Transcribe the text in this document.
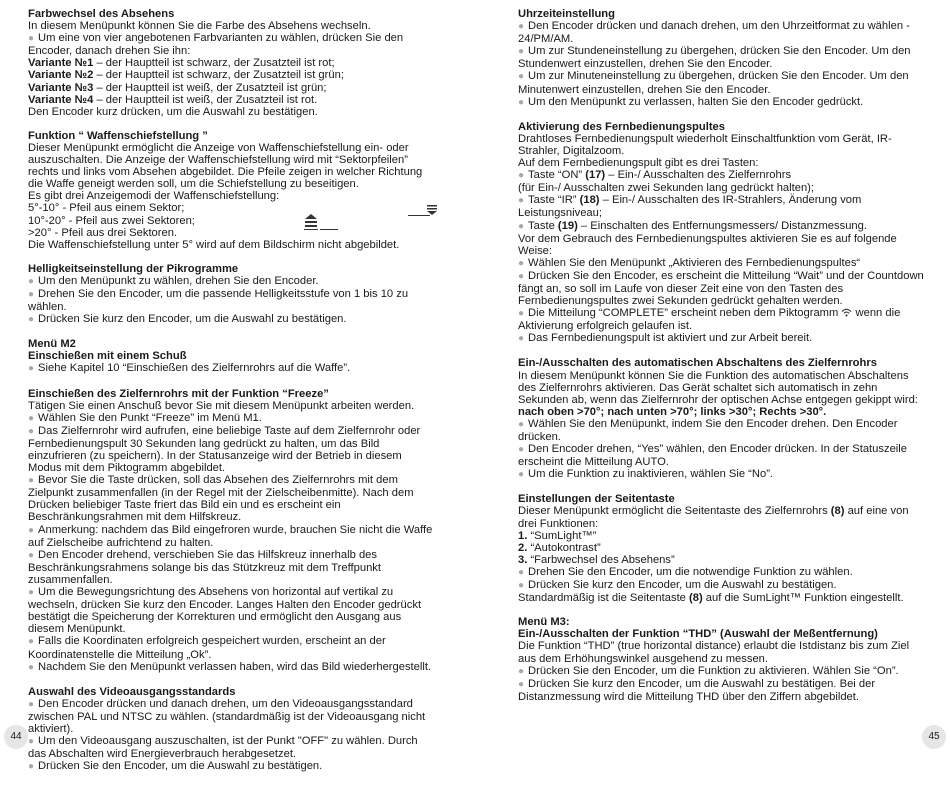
Farbwechsel des Absehens
In diesem Menüpunkt können Sie die Farbe des Absehens wechseln.
● Um eine von vier angebotenen Farbvarianten zu wählen, drücken Sie den Encoder, danach drehen Sie ihn:
Variante №1 – der Hauptteil ist schwarz, der Zusatzteil ist rot;
Variante №2 – der Hauptteil ist schwarz, der Zusatzteil ist grün;
Variante №3 – der Hauptteil ist weiß, der Zusatzteil ist grün;
Variante №4 – der Hauptteil ist weiß, der Zusatzteil ist rot.
Den Encoder kurz drücken, um die Auswahl zu bestätigen.
Funktion “ Waffenschiefstellung ”
Dieser Menüpunkt ermöglicht die Anzeige von Waffenschiefstellung ein- oder auszuschalten. Die Anzeige der Waffenschiefstellung wird mit “Sektorpfeilen” rechts und links vom Absehen abgebildet. Die Pfeile zeigen in welcher Richtung die Waffe geneigt werden soll, um die Schiefstellung zu beseitigen.
Es gibt drei Anzeigemodi der Waffenschiefstellung:
5°-10° - Pfeil aus einem Sektor;
10°-20° - Pfeil aus zwei Sektoren;
>20° - Pfeil aus drei Sektoren.
Die Waffenschiefstellung unter 5° wird auf dem Bildschirm nicht abgebildet.
Helligkeitseinstellung der Pikrogramme
● Um den Menüpunkt zu wählen, drehen Sie den Encoder.
● Drehen Sie den Encoder, um die passende Helligkeitsstufe von 1 bis 10 zu wählen.
● Drücken Sie kurz den Encoder, um die Auswahl zu bestätigen.
Menü M2
Einschießen mit einem Schuß
● Siehe Kapitel 10 “Einschießen des Zielfernrohrs auf die Waffe”.
Einschießen des Zielfernrohrs mit der Funktion “Freeze”
Tätigen Sie einen Anschuß bevor Sie mit diesem Menüpunkt arbeiten werden.
● Wählen Sie den Punkt “Freeze” im Menü M1.
● Das Zielfernrohr wird aufrufen, eine beliebige Taste auf dem Zielfernrohr oder Fernbedienungspult 30 Sekunden lang gedrückt zu halten, um das Bild einzufrieren (zu speichern). In der Statusanzeige wird der Betrieb in diesem Modus mit dem Piktogramm abgebildet.
● Bevor Sie die Taste drücken, soll das Absehen des Zielfernrohrs mit dem Zielpunkt zusammenfallen (in der Regel mit der Zielscheibenmitte). Nach dem Drücken beliebiger Taste friert das Bild ein und es erscheint ein Beschränkungsrahmen mit dem Hilfskreuz.
● Anmerkung: nachdem das Bild eingefroren wurde, brauchen Sie nicht die Waffe auf Zielscheibe aufrichtend zu halten.
● Den Encoder drehend, verschieben Sie das Hilfskreuz innerhalb des Beschränkungsrahmens solange bis das Stützkreuz mit dem Treffpunkt zusammenfallen.
● Um die Bewegungsrichtung des Absehens von horizontal auf vertikal zu wechseln, drücken Sie kurz den Encoder. Langes Halten den Encoder gedrückt bestätigt die Speicherung der Korrekturen und ermöglicht den Ausgang aus diesem Menüpunkt.
● Falls die Koordinaten erfolgreich gespeichert wurden, erscheint an der Koordinatenstelle die Mitteilung „Ok”.
● Nachdem Sie den Menüpunkt verlassen haben, wird das Bild wiederhergestellt.
Auswahl des Videoausgangsstandards
● Den Encoder drücken und danach drehen, um den Videoausgangsstandard zwischen PAL und NTSC zu wählen. (standardmäßig ist der Videoausgang nicht aktiviert).
● Um den Videoausgang auszuschalten, ist der Punkt "OFF" zu wählen. Durch das Abschalten wird Energieverbrauch herabgesetzet.
● Drücken Sie den Encoder, um die Auswahl zu bestätigen.
Uhrzeiteinstellung
● Den Encoder drücken und danach drehen, um den Uhrzeitformat zu wählen - 24/PM/AM.
● Um zur Stundeneinstellung zu übergehen, drücken Sie den Encoder. Um den Stundenwert einzustellen, drehen Sie den Encoder.
● Um zur Minuteneinstellung zu übergehen, drücken Sie den Encoder. Um den Minutenwert einzustellen, drehen Sie den Encoder.
● Um den Menüpunkt zu verlassen, halten Sie den Encoder gedrückt.
Aktivierung des Fernbedienungspultes
Drahtloses Fernbedienungspult wiederholt Einschaltfunktion vom Gerät, IR-Strahler, Digitalzoom.
Auf dem Fernbedienungspult gibt es drei Tasten:
● Taste “ON” (17) – Ein-/ Ausschalten des Zielfernrohrs
(für Ein-/ Ausschalten zwei Sekunden lang gedrückt halten);
● Taste “IR” (18) – Ein-/ Ausschalten des IR-Strahlers, Änderung vom Leistungsniveau;
● Taste (19) – Einschalten des Entfernungsmessers/ Distanzmessung.
Vor dem Gebrauch des Fernbedienungspultes aktivieren Sie es auf folgende Weise:
● Wählen Sie den Menüpunkt „Aktivieren des Fernbedienungspultes“
● Drücken Sie den Encoder, es erscheint die Mitteilung “Wait” und der Countdown fängt an, so soll im Laufe von dieser Zeit eine von den Tasten des Fernbedienungspultes zwei Sekunden gedrückt gehalten werden.
● Die Mitteilung “COMPLETE” erscheint neben dem Piktogramm  wenn die Aktivierung erfolgreich gelaufen ist.
● Das Fernbedienungspult ist aktiviert und zur Arbeit bereit.
Ein-/Ausschalten des automatischen Abschaltens des Zielfernrohrs
In diesem Menüpunkt können Sie die Funktion des automatischen Abschaltens des Zielfernrohrs aktivieren. Das Gerät schaltet sich automatisch in zehn Sekunden ab, wenn das Zielfernrohr der optischen Achse entgegen gekippt wird:
nach oben >70°; nach unten >70°; links >30°; Rechts >30°.
● Wählen Sie den Menüpunkt, indem Sie den Encoder drehen. Den Encoder drücken.
● Den Encoder drehen, “Yes” wählen, den Encoder drücken. In der Statuszeile erscheint die Mitteilung AUTO.
● Um die Funktion zu inaktivieren, wählen Sie “No”.
Einstellungen der Seitentaste
Dieser Menüpunkt ermöglicht die Seitentaste des Zielfernrohrs (8) auf eine von drei Funktionen:
1. “SumLight™”
2. “Autokontrast”
3. “Farbwechsel des Absehens”
● Drehen Sie den Encoder, um die notwendige Funktion zu wählen.
● Drücken Sie kurz den Encoder, um die Auswahl zu bestätigen.
Standardmäßig ist die Seitentaste (8) auf die SumLight™ Funktion eingestellt.
Menü M3:
Ein-/Ausschalten der Funktion “THD” (Auswahl der Meßentfernung)
Die Funktion “THD” (true horizontal distance) erlaubt die Istdistanz bis zum Ziel aus dem Erhöhungswinkel ausgehend zu messen.
● Drücken Sie den Encoder, um die Funktion zu aktivieren. Wählen Sie “On”.
● Drücken Sie kurz den Encoder, um die Auswahl zu bestätigen. Bei der Distanzmessung wird die Mitteilung THD über den Ziffern abgebildet.
44	45
